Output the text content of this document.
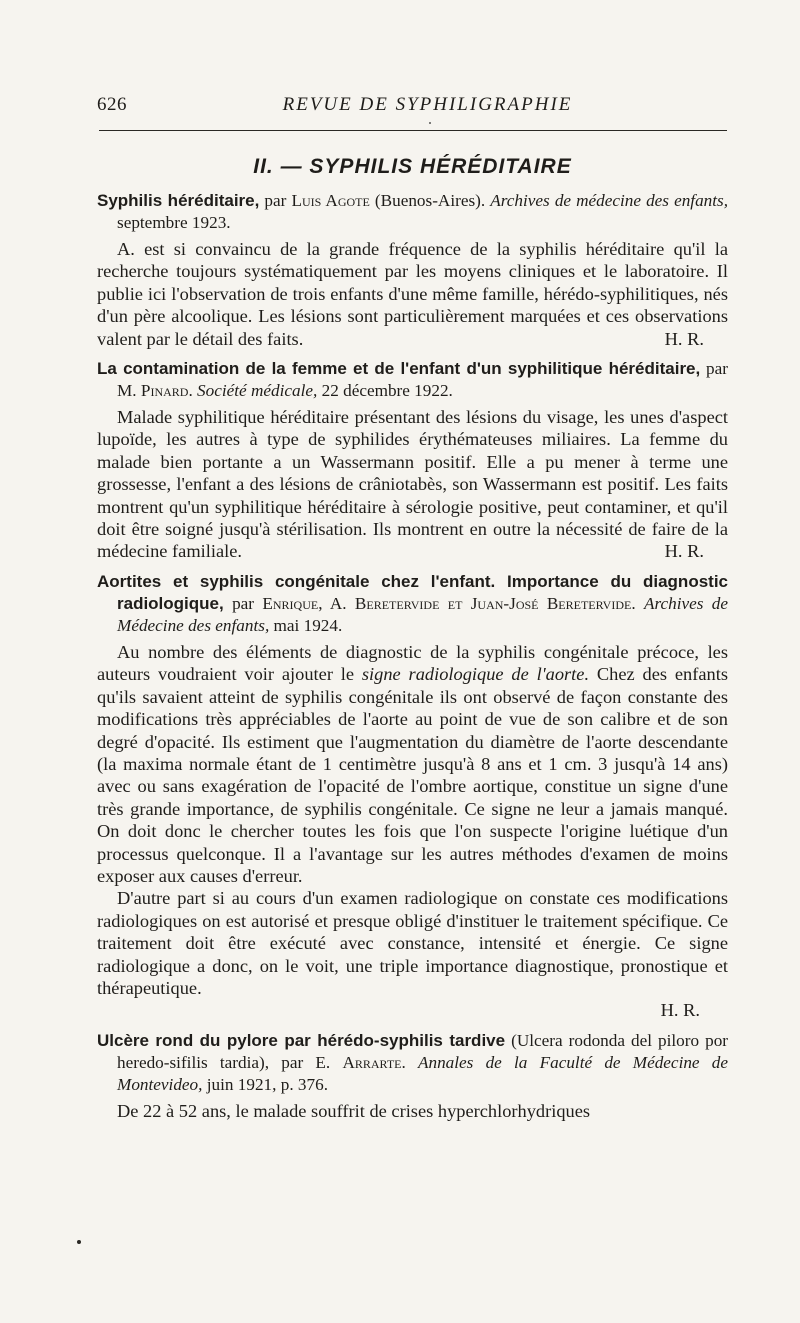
626	REVUE DE SYPHILIGRAPHIE
II. — SYPHILIS HÉRÉDITAIRE

Syphilis héréditaire, par Luis Agote (Buenos-Aires). Archives de médecine des enfants, septembre 1923.

A. est si convaincu de la grande fréquence de la syphilis héréditaire qu'il la recherche toujours systématiquement par les moyens cliniques et le laboratoire. Il publie ici l'observation de trois enfants d'une même famille, hérédo-syphilitiques, nés d'un père alcoolique. Les lésions sont particulièrement marquées et ces observations valent par le détail des faits.	H. R.

La contamination de la femme et de l'enfant d'un syphilitique héréditaire, par M. Pinard. Société médicale, 22 décembre 1922.

Malade syphilitique héréditaire présentant des lésions du visage, les unes d'aspect lupoïde, les autres à type de syphilides érythémateuses miliaires. La femme du malade bien portante a un Wassermann positif. Elle a pu mener à terme une grossesse, l'enfant a des lésions de crâniotabès, son Wassermann est positif. Les faits montrent qu'un syphilitique héréditaire à sérologie positive, peut contaminer, et qu'il doit être soigné jusqu'à stérilisation. Ils montrent en outre la nécessité de faire de la médecine familiale.	H. R.

Aortites et syphilis congénitale chez l'enfant. Importance du diagnostic radiologique, par Enrique, A. Beretervide et Juan-José Beretervide. Archives de Médecine des enfants, mai 1924.

Au nombre des éléments de diagnostic de la syphilis congénitale précoce, les auteurs voudraient voir ajouter le signe radiologique de l'aorte. Chez des enfants qu'ils savaient atteint de syphilis congénitale ils ont observé de façon constante des modifications très appréciables de l'aorte au point de vue de son calibre et de son degré d'opacité. Ils estiment que l'augmentation du diamètre de l'aorte descendante (la maxima normale étant de 1 centimètre jusqu'à 8 ans et 1 cm. 3 jusqu'à 14 ans) avec ou sans exagération de l'opacité de l'ombre aortique, constitue un signe d'une très grande importance, de syphilis congénitale. Ce signe ne leur a jamais manqué. On doit donc le chercher toutes les fois que l'on suspecte l'origine luétique d'un processus quelconque. Il a l'avantage sur les autres méthodes d'examen de moins exposer aux causes d'erreur.

D'autre part si au cours d'un examen radiologique on constate ces modifications radiologiques on est autorisé et presque obligé d'instituer le traitement spécifique. Ce traitement doit être exécuté avec constance, intensité et énergie. Ce signe radiologique a donc, on le voit, une triple importance diagnostique, pronostique et thérapeutique.

H. R.

Ulcère rond du pylore par hérédo-syphilis tardive (Ulcera rodonda del piloro por heredo-sifilis tardia), par E. Arrarte. Annales de la Faculté de Médecine de Montevideo, juin 1921, p. 376.

De 22 à 52 ans, le malade souffrit de crises hyperchlorhydriques
